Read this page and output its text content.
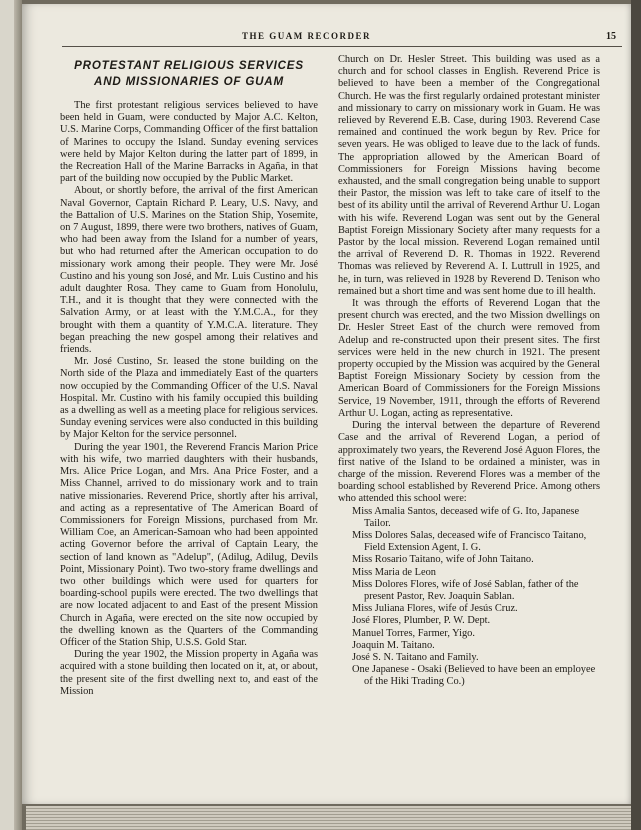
THE GUAM RECORDER	15
PROTESTANT RELIGIOUS SERVICES
AND MISSIONARIES OF GUAM

The first protestant religious services believed to have been held in Guam, were conducted by Major A.C. Kelton, U.S. Marine Corps, Commanding Officer of the first battalion of Marines to occupy the Island. Sunday evening services were held by Major Kelton during the latter part of 1899, in the Recreation Hall of the Marine Barracks in Agaña, in that part of the building now occupied by the Public Market.

About, or shortly before, the arrival of the first American Naval Governor, Captain Richard P. Leary, U.S. Navy, and the Battalion of U.S. Marines on the Station Ship, Yosemite, on 7 August, 1899, there were two brothers, natives of Guam, who had been away from the Island for a number of years, but who had returned after the American occupation to do missionary work among their people. They were Mr. José Custino and his young son José, and Mr. Luis Custino and his adult daughter Rosa. They came to Guam from Honolulu, T.H., and it is thought that they were connected with the Salvation Army, or at least with the Y.M.C.A., for they brought with them a quantity of Y.M.C.A. literature. They began preaching the new gospel among their relatives and friends.

Mr. José Custino, Sr. leased the stone building on the North side of the Plaza and immediately East of the quarters now occupied by the Commanding Officer of the U.S. Naval Hospital. Mr. Custino with his family occupied this building as a dwelling as well as a meeting place for religious services. Sunday evening services were also conducted in this building by Major Kelton for the service personnel.

During the year 1901, the Reverend Francis Marion Price with his wife, two married daughters with their husbands, Mrs. Alice Price Logan, and Mrs. Ana Price Foster, and a Miss Channel, arrived to do missionary work and to train native missionaries. Reverend Price, shortly after his arrival, and acting as a representative of The American Board of Commissioners for Foreign Missions, purchased from Mr. William Coe, an American-Samoan who had been appointed acting Governor before the arrival of Captain Leary, the section of land known as "Adelup", (Adilug, Adilug, Devils Point, Missionary Point). Two two-story frame dwellings and two other buildings which were used for quarters for boarding-school pupils were erected. The two dwellings that are now located adjacent to and East of the present Mission Church in Agaña, were erected on the site now occupied by the dwelling known as the Quarters of the Commanding Officer of the Station Ship, U.S.S. Gold Star.

During the year 1902, the Mission property in Agaña was acquired with a stone building then located on it, at, or about, the present site of the first dwelling next to, and east of the Mission

Church on Dr. Hesler Street. This building was used as a church and for school classes in English. Reverend Price is believed to have been a member of the Congregational Church. He was the first regularly ordained protestant minister and missionary to carry on missionary work in Guam. He was relieved by Reverend E.B. Case, during 1903. Reverend Case remained and continued the work begun by Rev. Price for seven years. He was obliged to leave due to the lack of funds. The appropriation allowed by the American Board of Commissioners for Foreign Missions having become exhausted, and the small congregation being unable to support their Pastor, the mission was left to take care of itself to the best of its ability until the arrival of Reverend Arthur U. Logan with his wife. Reverend Logan was sent out by the General Baptist Foreign Missionary Society after many requests for a Pastor by the local mission. Reverend Logan remained until the arrival of Reverend D. R. Thomas in 1922. Reverend Thomas was relieved by Reverend A. I. Luttrull in 1925, and he, in turn, was relieved in 1928 by Reverend D. Tenison who remained but a short time and was sent home due to ill health.

It was through the efforts of Reverend Logan that the present church was erected, and the two Mission dwellings on Dr. Hesler Street East of the church were removed from Adelup and re-constructed upon their present sites. The first services were held in the new church in 1921. The present property occupied by the Mission was acquired by the General Baptist Foreign Missionary Society by cession from the American Board of Commissioners for the Foreign Missions Service, 19 November, 1911, through the efforts of Reverend Arthur U. Logan, acting as representative.

During the interval between the departure of Reverend Case and the arrival of Reverend Logan, a period of approximately two years, the Reverend José Aguon Flores, the first native of the Island to be ordained a minister, was in charge of the mission. Reverend Flores was a member of the boarding school established by Reverend Price. Among others who attended this school were:

Miss Amalia Santos, deceased wife of G. Ito, Japanese Tailor.
Miss Dolores Salas, deceased wife of Francisco Taitano, Field Extension Agent, I. G.
Miss Rosario Taitano, wife of John Taitano.
Miss Maria de Leon
Miss Dolores Flores, wife of José Sablan, father of the present Pastor, Rev. Joaquin Sablan.
Miss Juliana Flores, wife of Jesús Cruz.
José Flores, Plumber, P. W. Dept.
Manuel Torres, Farmer, Yigo.
Joaquin M. Taitano.
José S. N. Taitano and Family.
One Japanese - Osaki (Believed to have been an employee of the Hiki Trading Co.)
